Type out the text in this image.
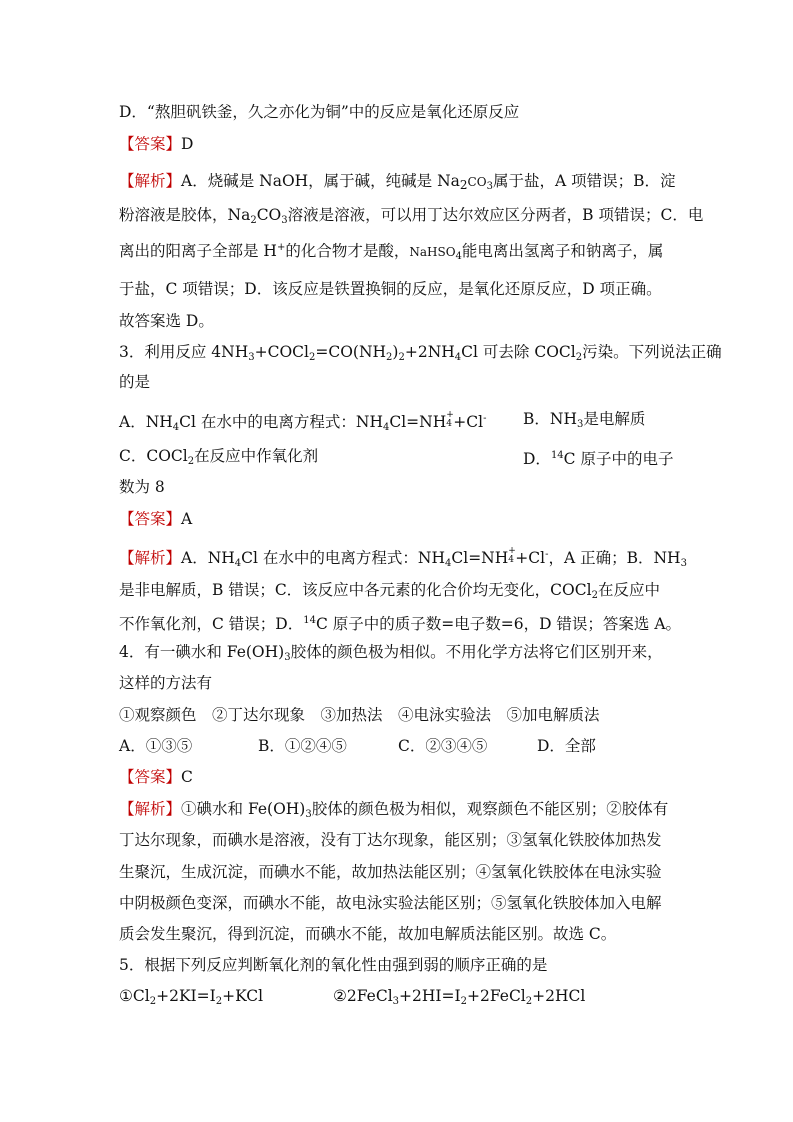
D．“熬胆矾铁釜，久之亦化为铜”中的反应是氧化还原反应
【答案】D
【解析】A．烧碱是 NaOH，属于碱，纯碱是 $Na_2CO_3$属于盐，A 项错误；B．淀
粉溶液是胶体，$Na_2CO_3$溶液是溶液，可以用丁达尔效应区分两者，B 项错误；C．电
离出的阳离子全部是 H+的化合物才是酸，NaHSO$_4$能电离出氢离子和钠离子，属
于盐，C 项错误；D．该反应是铁置换铜的反应，是氧化还原反应，D 项正确。
故答案选 D。
3．利用反应 $4NH_3+COCl_2=CO(NH_2)_2+2NH_4Cl$ 可去除 COCl$_2$污染。下列说法正确
的是
A．$NH_4Cl$ 在水中的电离方程式：$NH_4Cl=NH$ +
4 +Cl- B．$NH_3$是电解质
C．COCl$_2$在反应中作氧化剂	D．$^{14}$C 原子中的电子
数为 8
【答案】A
【解析】A．$NH_4Cl$ 在水中的电离方程式：$NH_4Cl=NH$ +
4 +Cl-，A 正确；B．$NH_3$
是非电解质，B 错误；C．该反应中各元素的化合价均无变化，COCl$_2$在反应中
不作氧化剂，C 错误；D．$^{14}$C 原子中的质子数=电子数=6，D 错误；答案选 A。
4．有一碘水和 $Fe(OH)_3$胶体的颜色极为相似。不用化学方法将它们区别开来，
这样的方法有
①观察颜色　②丁达尔现象　③加热法　④电泳实验法　⑤加电解质法
A．①③⑤	B．①②④⑤	C．②③④⑤	D．全部
【答案】C
【解析】①碘水和 $Fe(OH)_3$胶体的颜色极为相似，观察颜色不能区别；②胶体有
丁达尔现象，而碘水是溶液，没有丁达尔现象，能区别；③氢氧化铁胶体加热发
生聚沉，生成沉淀，而碘水不能，故加热法能区别；④氢氧化铁胶体在电泳实验
中阴极颜色变深，而碘水不能，故电泳实验法能区别；⑤氢氧化铁胶体加入电解
质会发生聚沉，得到沉淀，而碘水不能，故加电解质法能区别。故选 C。
5．根据下列反应判断氧化剂的氧化性由强到弱的顺序正确的是
$①Cl_2+2KI=I_2+KCl$	$②2FeCl_3+2HI=I_2+2FeCl_2+2HCl$
